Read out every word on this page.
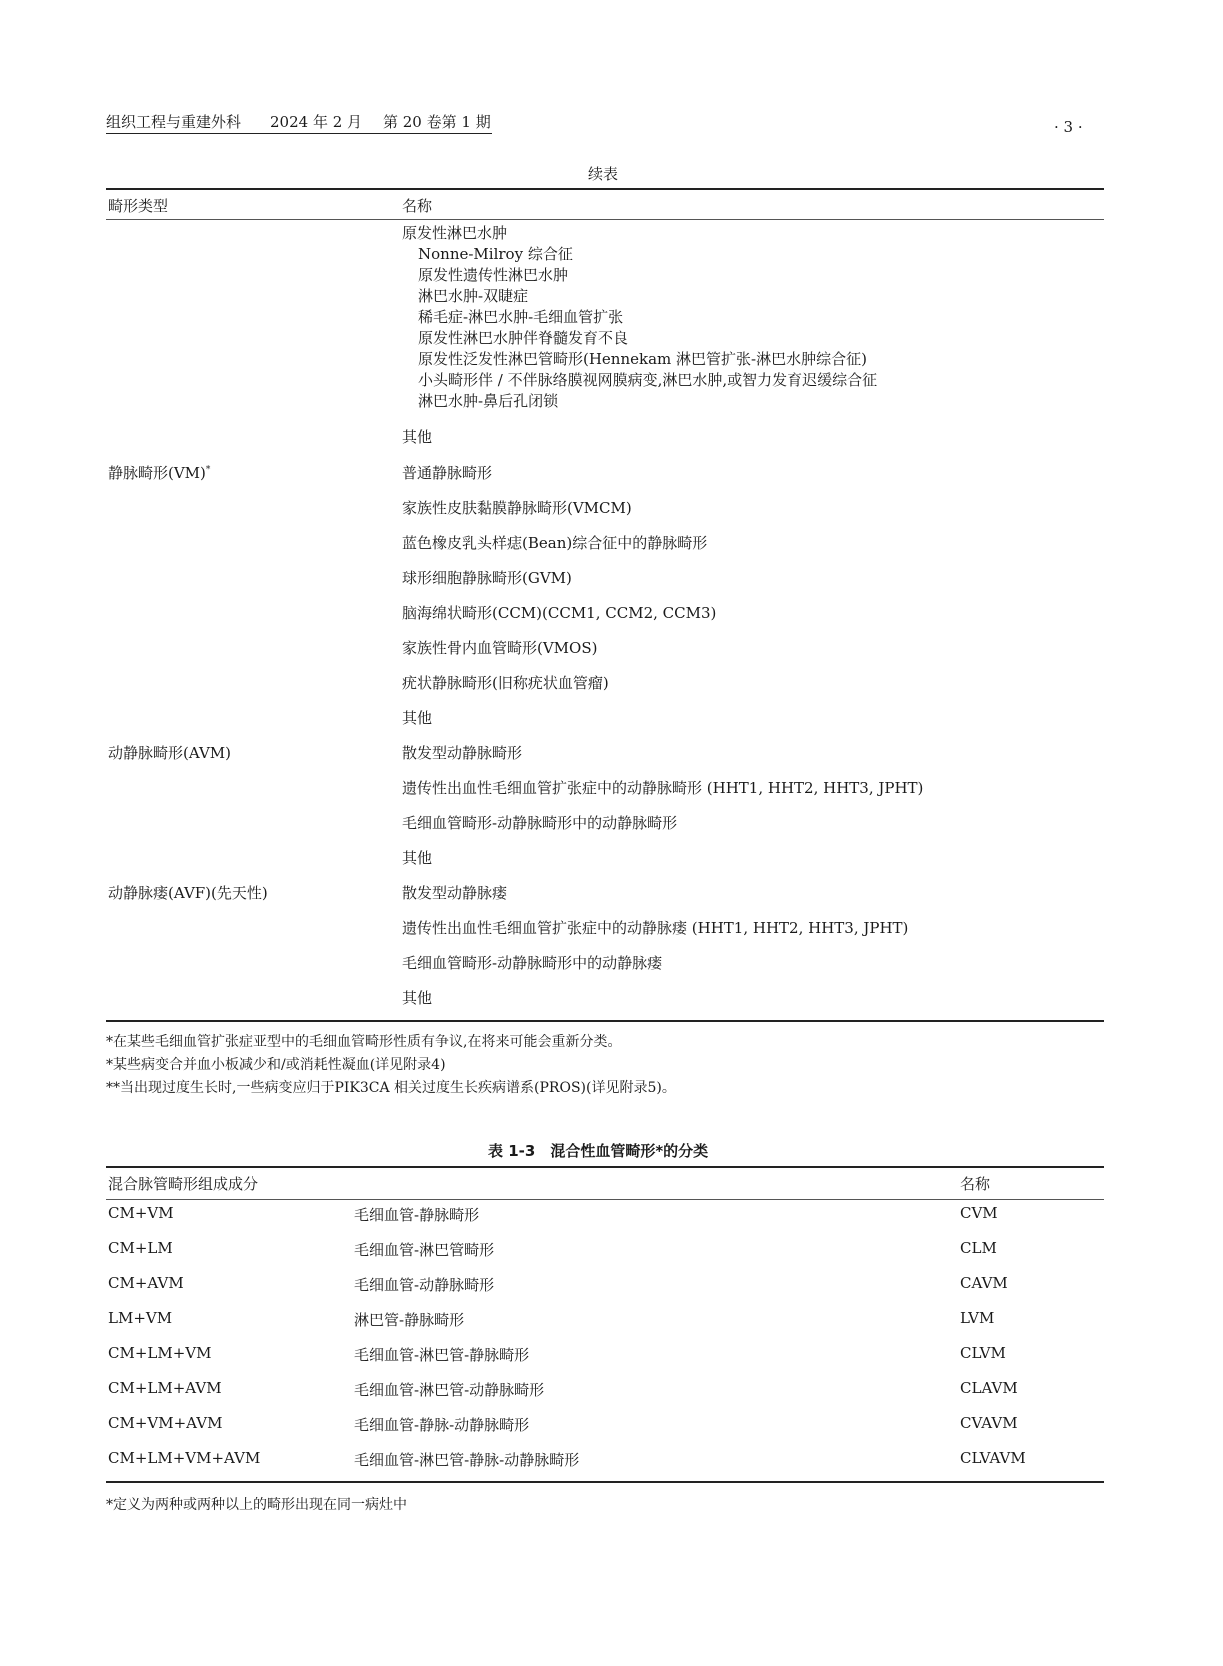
组织工程与重建外科 2024 年 2 月 第 20 卷第 1 期	· 3 ·
续表
畸形类型	名称
原发性淋巴水肿
Nonne-Milroy 综合征
原发性遗传性淋巴水肿
淋巴水肿-双睫症
稀毛症-淋巴水肿-毛细血管扩张
原发性淋巴水肿伴脊髓发育不良
原发性泛发性淋巴管畸形(Hennekam 淋巴管扩张-淋巴水肿综合征)
小头畸形伴 / 不伴脉络膜视网膜病变,淋巴水肿,或智力发育迟缓综合征
淋巴水肿-鼻后孔闭锁
其他
静脉畸形(VM)*	普通静脉畸形
家族性皮肤黏膜静脉畸形(VMCM)
蓝色橡皮乳头样痣(Bean)综合征中的静脉畸形
球形细胞静脉畸形(GVM)
脑海绵状畸形(CCM)(CCM1, CCM2, CCM3)
家族性骨内血管畸形(VMOS)
疣状静脉畸形(旧称疣状血管瘤)
其他
动静脉畸形(AVM)	散发型动静脉畸形
遗传性出血性毛细血管扩张症中的动静脉畸形 (HHT1, HHT2, HHT3, JPHT)
毛细血管畸形-动静脉畸形中的动静脉畸形
其他
动静脉瘘(AVF)(先天性)	散发型动静脉瘘
遗传性出血性毛细血管扩张症中的动静脉瘘 (HHT1, HHT2, HHT3, JPHT)
毛细血管畸形-动静脉畸形中的动静脉瘘
其他
*在某些毛细血管扩张症亚型中的毛细血管畸形性质有争议,在将来可能会重新分类。
*某些病变合并血小板减少和/或消耗性凝血(详见附录4)
**当出现过度生长时,一些病变应归于PIK3CA 相关过度生长疾病谱系(PROS)(详见附录5)。
表 1-3　混合性血管畸形*的分类
混合脉管畸形组成成分	名称
CM+VM	毛细血管-静脉畸形	CVM
CM+LM	毛细血管-淋巴管畸形	CLM
CM+AVM	毛细血管-动静脉畸形	CAVM
LM+VM	淋巴管-静脉畸形	LVM
CM+LM+VM	毛细血管-淋巴管-静脉畸形	CLVM
CM+LM+AVM	毛细血管-淋巴管-动静脉畸形	CLAVM
CM+VM+AVM	毛细血管-静脉-动静脉畸形	CVAVM
CM+LM+VM+AVM	毛细血管-淋巴管-静脉-动静脉畸形	CLVAVM
*定义为两种或两种以上的畸形出现在同一病灶中
